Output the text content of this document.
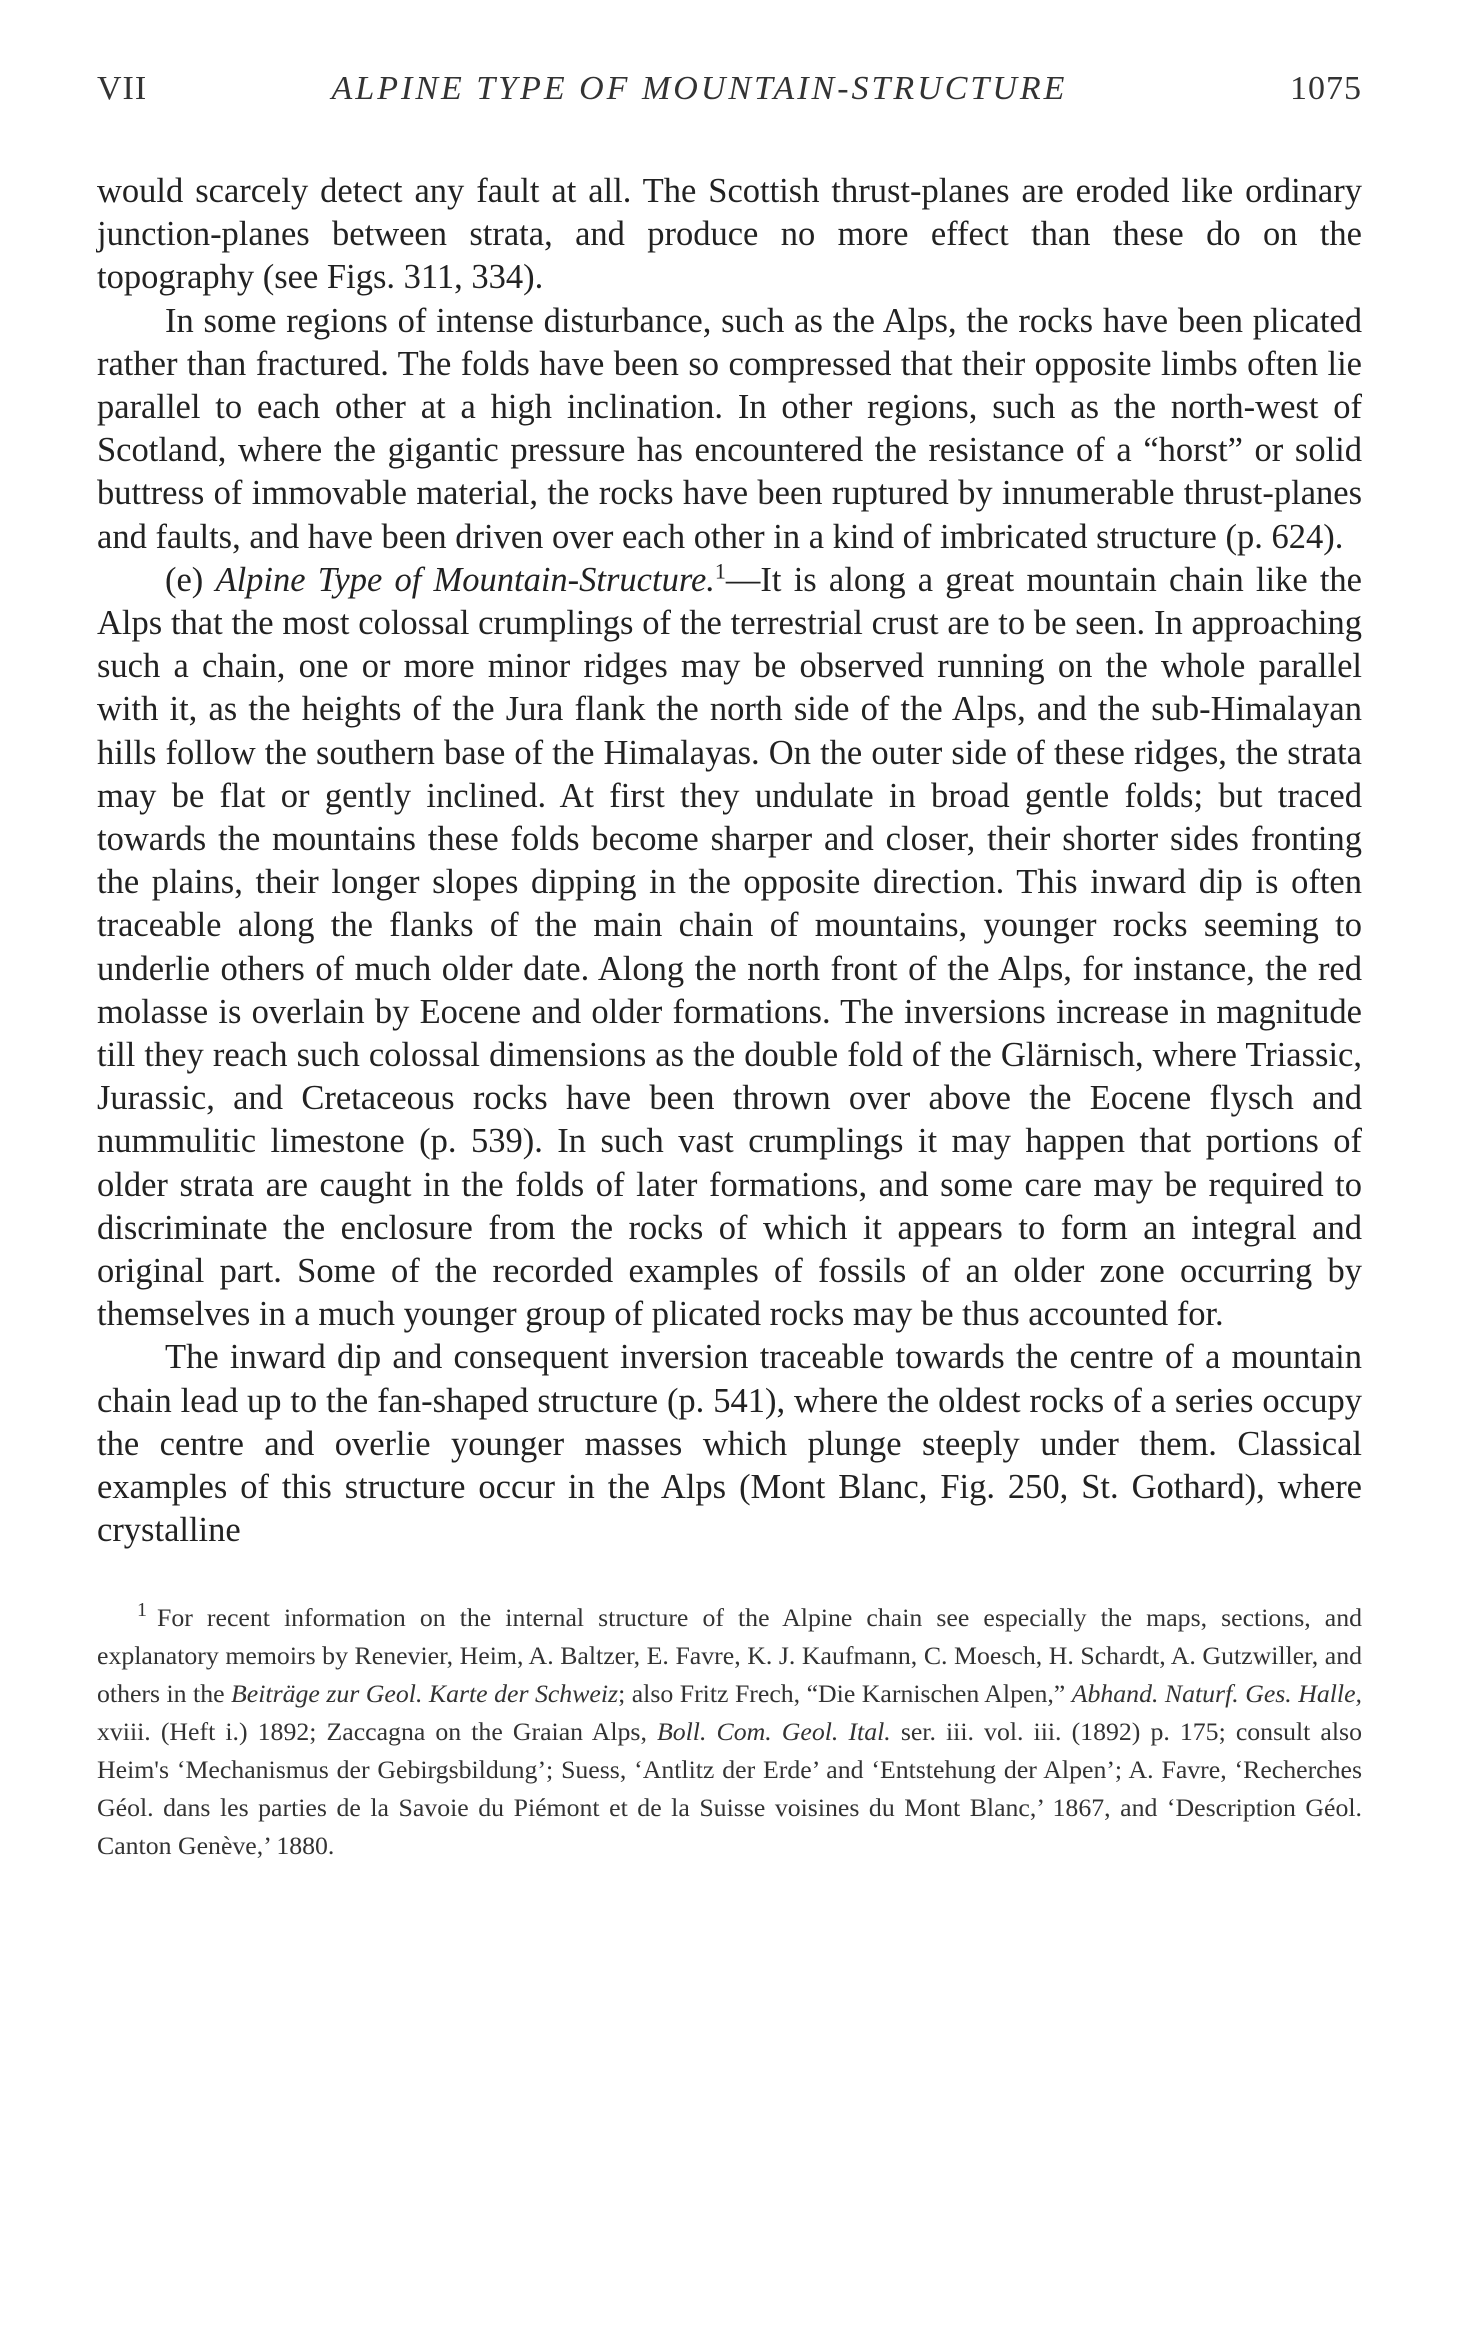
VII	ALPINE TYPE OF MOUNTAIN-STRUCTURE	1075

would scarcely detect any fault at all. The Scottish thrust-planes are eroded like ordinary junction-planes between strata, and produce no more effect than these do on the topography (see Figs. 311, 334).

In some regions of intense disturbance, such as the Alps, the rocks have been plicated rather than fractured. The folds have been so compressed that their opposite limbs often lie parallel to each other at a high inclination. In other regions, such as the north-west of Scotland, where the gigantic pressure has encountered the resistance of a “horst” or solid buttress of immovable material, the rocks have been ruptured by innumerable thrust-planes and faults, and have been driven over each other in a kind of imbricated structure (p. 624).

(e) Alpine Type of Mountain-Structure.$^1$—It is along a great mountain chain like the Alps that the most colossal crumplings of the terrestrial crust are to be seen. In approaching such a chain, one or more minor ridges may be observed running on the whole parallel with it, as the heights of the Jura flank the north side of the Alps, and the sub-Himalayan hills follow the southern base of the Himalayas. On the outer side of these ridges, the strata may be flat or gently inclined. At first they undulate in broad gentle folds; but traced towards the mountains these folds become sharper and closer, their shorter sides fronting the plains, their longer slopes dipping in the opposite direction. This inward dip is often traceable along the flanks of the main chain of mountains, younger rocks seeming to underlie others of much older date. Along the north front of the Alps, for instance, the red molasse is overlain by Eocene and older formations. The inversions increase in magnitude till they reach such colossal dimensions as the double fold of the Glärnisch, where Triassic, Jurassic, and Cretaceous rocks have been thrown over above the Eocene flysch and nummulitic limestone (p. 539). In such vast crumplings it may happen that portions of older strata are caught in the folds of later formations, and some care may be required to discriminate the enclosure from the rocks of which it appears to form an integral and original part. Some of the recorded examples of fossils of an older zone occurring by themselves in a much younger group of plicated rocks may be thus accounted for.

The inward dip and consequent inversion traceable towards the centre of a mountain chain lead up to the fan-shaped structure (p. 541), where the oldest rocks of a series occupy the centre and overlie younger masses which plunge steeply under them. Classical examples of this structure occur in the Alps (Mont Blanc, Fig. 250, St. Gothard), where crystalline

$^1$ For recent information on the internal structure of the Alpine chain see especially the maps, sections, and explanatory memoirs by Renevier, Heim, A. Baltzer, E. Favre, K. J. Kaufmann, C. Moesch, H. Schardt, A. Gutzwiller, and others in the Beiträge zur Geol. Karte der Schweiz; also Fritz Frech, “Die Karnischen Alpen,” Abhand. Naturf. Ges. Halle, xviii. (Heft i.) 1892; Zaccagna on the Graian Alps, Boll. Com. Geol. Ital. ser. iii. vol. iii. (1892) p. 175; consult also Heim's ‘Mechanismus der Gebirgsbildung’; Suess, ‘Antlitz der Erde’ and ‘Entstehung der Alpen’; A. Favre, ‘Recherches Géol. dans les parties de la Savoie du Piémont et de la Suisse voisines du Mont Blanc,’ 1867, and ‘Description Géol. Canton Genève,’ 1880.
